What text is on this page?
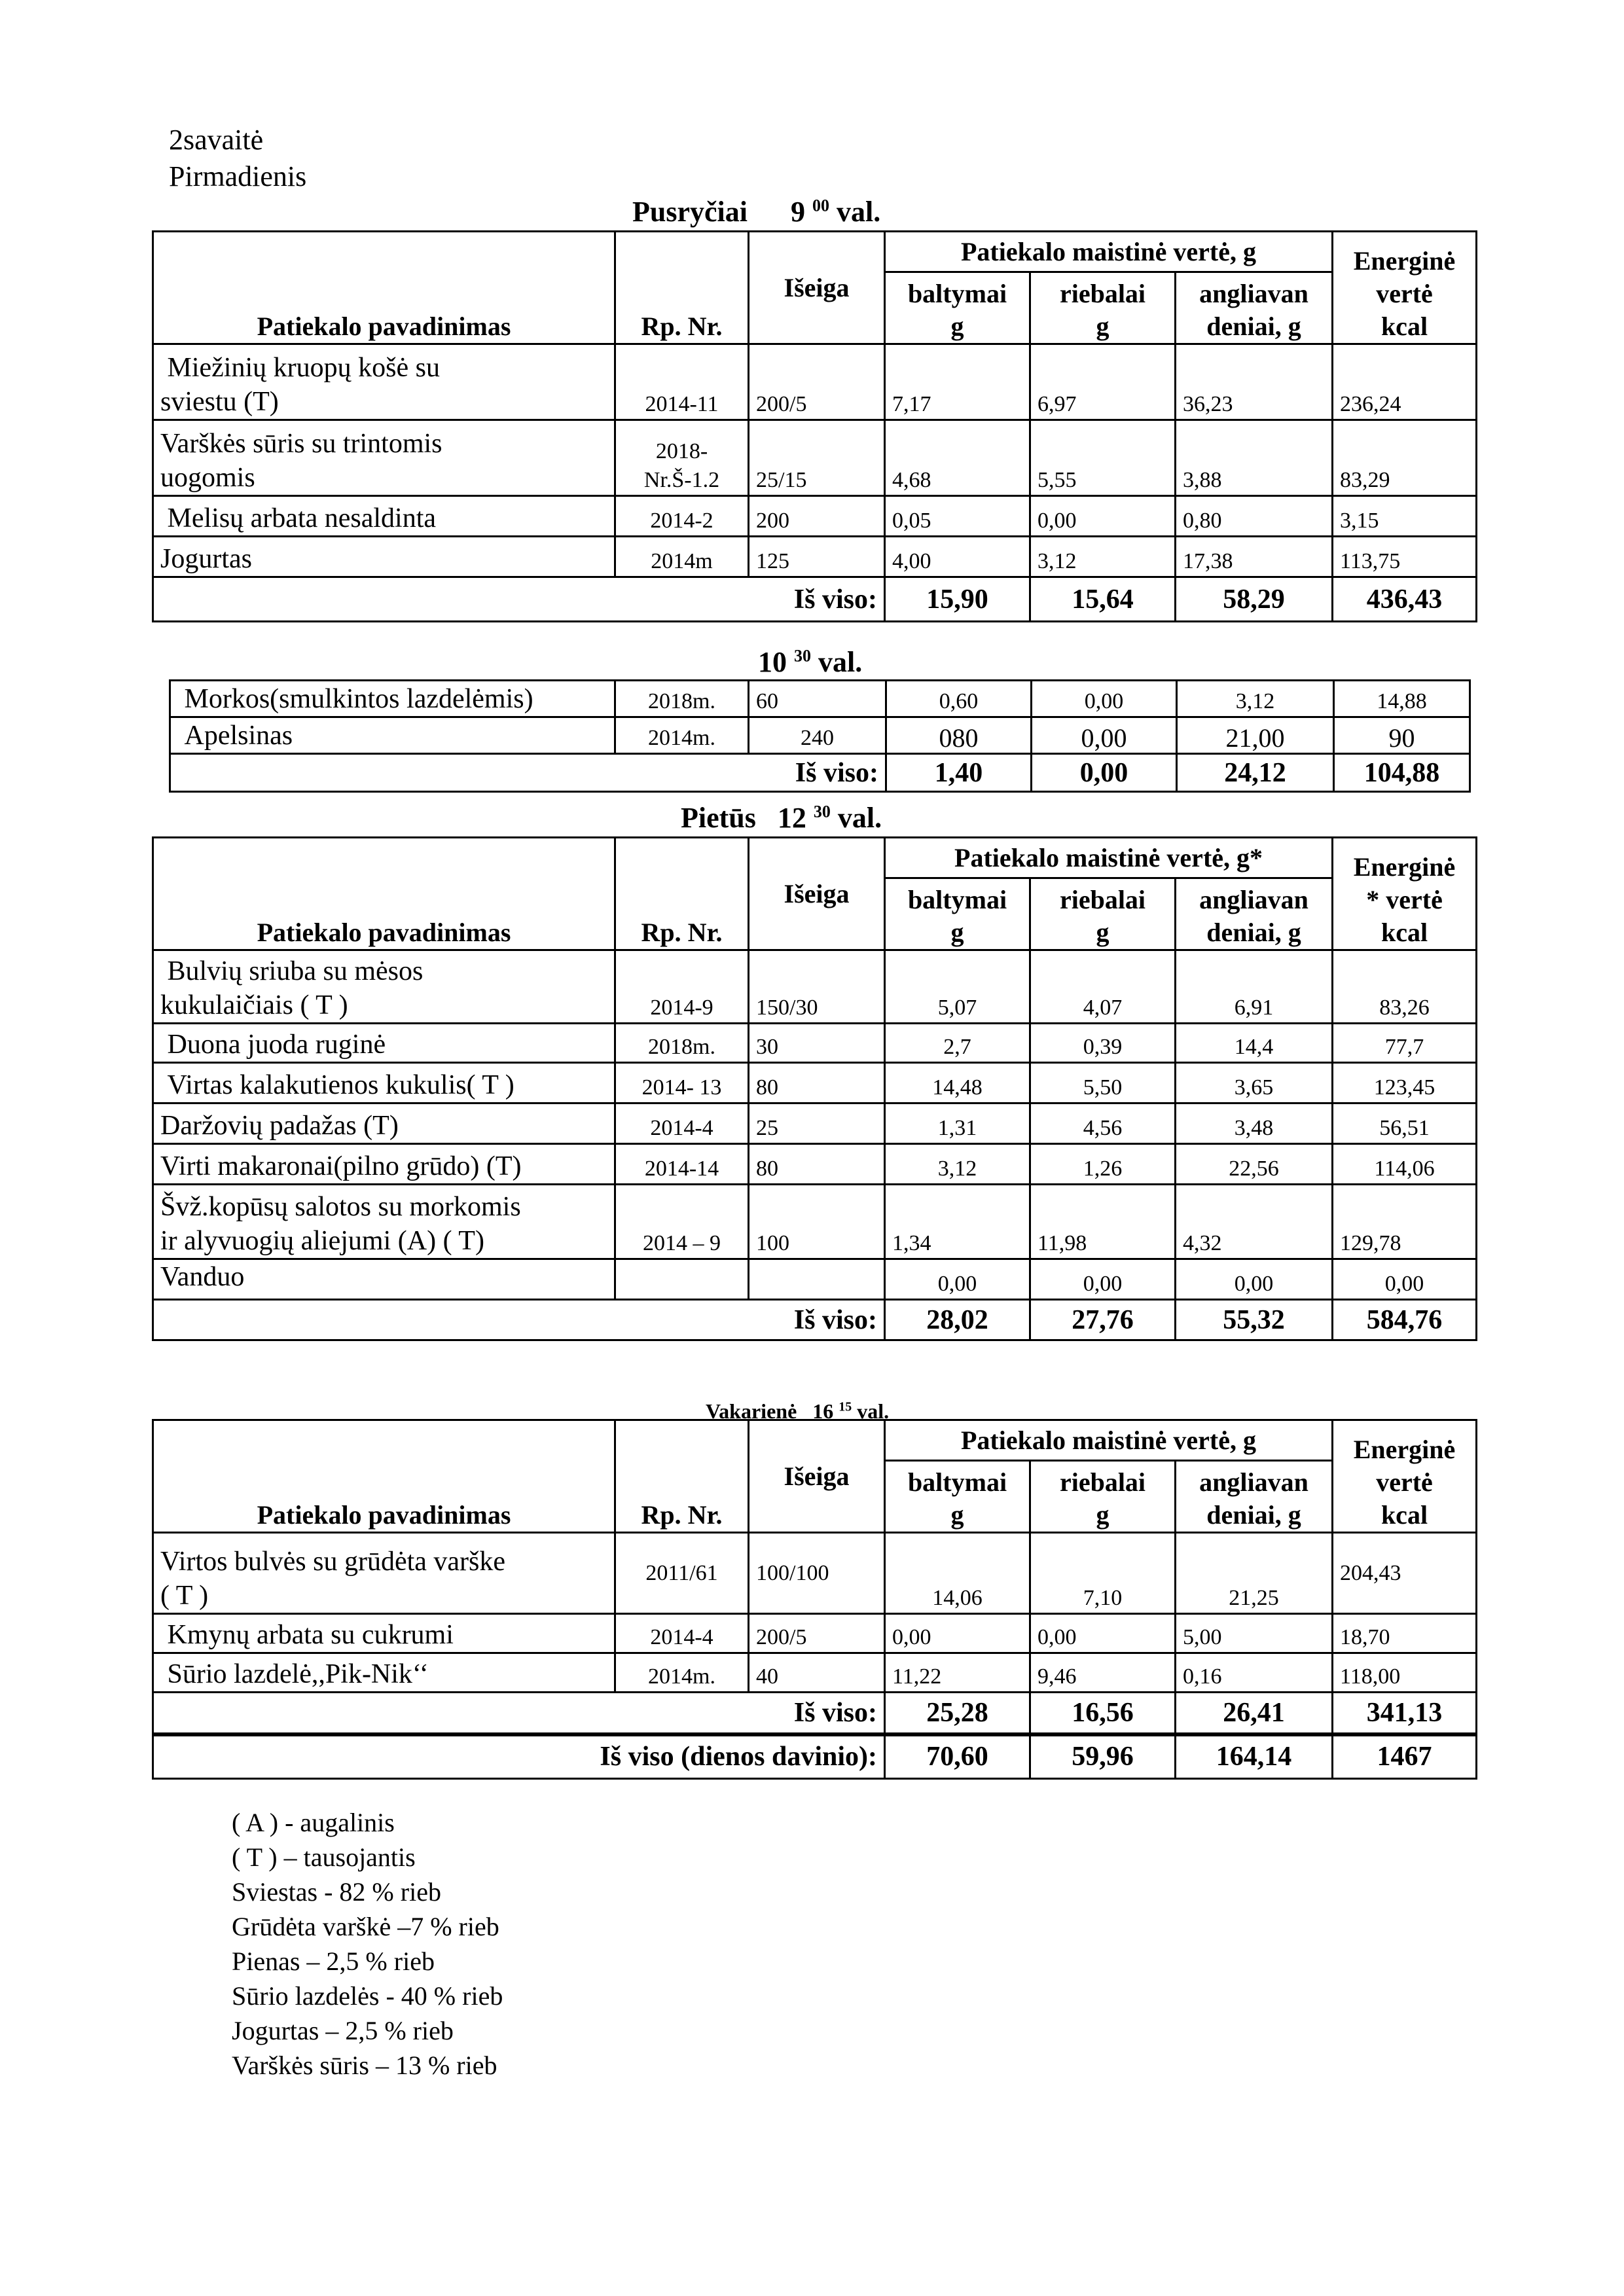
2savaitė
Pirmadienis
Pusryčiai 9 $^{00}$ val.
Patiekalo pavadinimas	Rp. Nr.	Išeiga	Patiekalo maistinė vertė, g			Energinė
vertė
kcal
			baltymai
g	riebalai
g	angliavan
deniai, g	
Miežinių kruopų košė su
sviestu (T)	2014-11	200/5	7,17	6,97	36,23	236,24
Varškės sūris su trintomis
uogomis	2018-
Nr.Š-1.2	25/15	4,68	5,55	3,88	83,29
Melisų arbata nesaldinta	2014-2	200	0,05	0,00	0,80	3,15
Jogurtas	2014m	125	4,00	3,12	17,38	113,75
Iš viso:			15,90	15,64	58,29	436,43
10 $^{30}$ val.
Morkos(smulkintos lazdelėmis)	2018m.	60	0,60	0,00	3,12	14,88
Apelsinas	2014m.	240	080	0,00	21,00	90
Iš viso:			1,40	0,00	24,12	104,88
Pietūs 12 $^{30}$ val.
Patiekalo pavadinimas	Rp. Nr.	Išeiga	Patiekalo maistinė vertė, g*			Energinė
* vertė
kcal
			baltymai
g	riebalai
g	angliavan
deniai, g	
Bulvių sriuba su mėsos
kukulaičiais ( T )	2014-9	150/30	5,07	4,07	6,91	83,26
Duona juoda ruginė	2018m.	30	2,7	0,39	14,4	77,7
Virtas kalakutienos kukulis( T )	2014- 13	80	14,48	5,50	3,65	123,45
Daržovių padažas (T)	2014-4	25	1,31	4,56	3,48	56,51
Virti makaronai(pilno grūdo) (T)	2014-14	80	3,12	1,26	22,56	114,06
Švž.kopūsų salotos su morkomis
ir alyvuogių aliejumi (A) ( T)	2014 – 9	100	1,34	11,98	4,32	129,78
Vanduo			0,00	0,00	0,00	0,00
Iš viso:			28,02	27,76	55,32	584,76
Vakarienė 16 $^{15}$ val.
Patiekalo pavadinimas	Rp. Nr.	Išeiga	Patiekalo maistinė vertė, g			Energinė
vertė
kcal
			baltymai
g	riebalai
g	angliavan
deniai, g	
Virtos bulvės su grūdėta varške
( T )	2011/61	100/100	14,06	7,10	21,25	204,43
Kmynų arbata su cukrumi	2014-4	200/5	0,00	0,00	5,00	18,70
Sūrio lazdelė,,Pik-Nik‘‘	2014m.	40	11,22	9,46	0,16	118,00
Iš viso:			25,28	16,56	26,41	341,13
Iš viso (dienos davinio):			70,60	59,96	164,14	1467
( A ) - augalinis
( T ) – tausojantis
Sviestas - 82 % rieb
Grūdėta varškė –7 % rieb
Pienas – 2,5 % rieb
Sūrio lazdelės - 40 % rieb
Jogurtas – 2,5 % rieb
Varškės sūris – 13 % rieb
